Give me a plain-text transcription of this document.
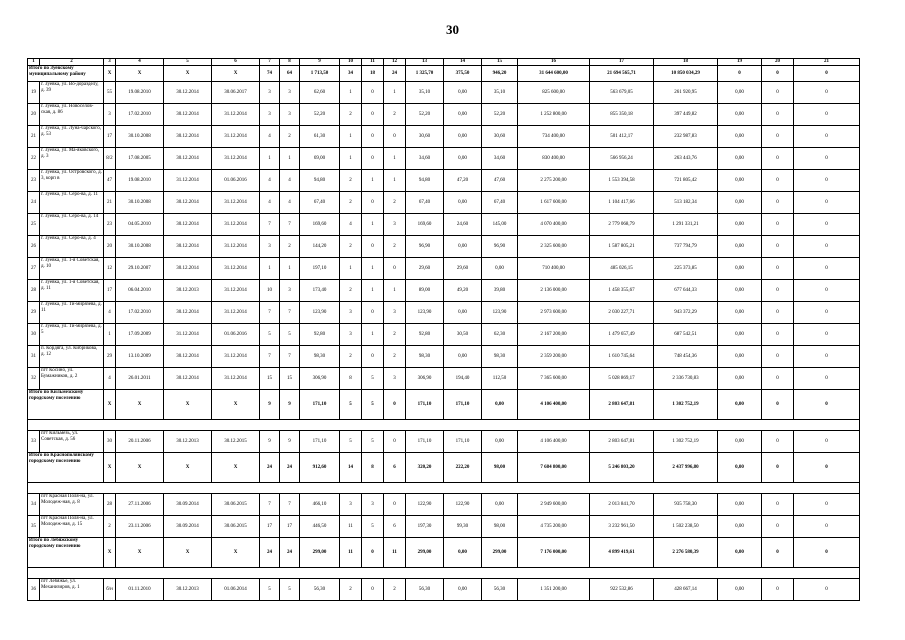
30
1	2	3	4	5	6	7	8	9	10	11	12	13	14	15	16	17	18	19	20	21
Итого по Зуевскому муниципальному району		X	X	X	X	74	64	1 713,50	34	18	24	1 325,70	375,50	946,20	31 644 600,00	21 694 565,71	10 850 034,29	0	0	0
19	г. Зуевка, ул. Во-доразделу, д. 39	55	19.08.2010	30.12.2014	30.06.2017	3	3	62,60	1	0	1	35,10	0,00	35,10	825 600,00	563 679,05	261 920,95	0,00	0	0
20	г. Зуевка, ул. Новоселов-ская, д. 86	3	17.02.2010	30.12.2014	31.12.2014	3	3	52,20	2	0	2	52,20	0,00	52,20	1 252 800,00	855 350,18	397 449,82	0,00	0	0
21	г. Зуевка, ул. Луна-чарского, д. 53	17	30.10.2008	30.12.2014	31.12.2014	4	2	61,30	1	0	0	30,60	0,00	30,60	734 400,00	501 412,17	232 987,83	0,00	0	0
22	г. Зуевка, ул. Ма-яковского, д. 3	8/2	17.08.2005	30.12.2014	31.12.2014	1	1	69,00	1	0	1	34,60	0,00	34,60	830 400,00	566 956,24	263 443,76	0,00	0	0
23	г. Зуевка, ул. Островского, д. 3, корп в	47	19.08.2010	31.12.2014	01.06.2016	4	4	94,80	2	1	1	94,80	47,20	47,60	2 275 200,00	1 553 394,58	721 805,42	0,00	0	0
24	г. Зуевка, ул. Серо-ва, д. 11	21	30.10.2008	30.12.2014	31.12.2014	4	4	67,40	2	0	2	67,40	0,00	67,40	1 617 600,00	1 104 417,66	513 182,34	0,00	0	0
25	г. Зуевка, ул. Серо-ва, д. 14	23	04.05.2010	30.12.2014	31.12.2014	7	7	169,60	4	1	3	169,60	24,60	145,00	4 070 400,00	2 779 068,79	1 291 331,21	0,00	0	0
26	г. Зуевка, ул. Серо-ва, д. 4	20	30.10.2008	30.12.2014	31.12.2014	3	2	144,20	2	0	2	96,90	0,00	96,90	2 325 600,00	1 587 805,21	737 794,79	0,00	0	0
27	г. Зуевка, ул. 1-я Советская, д. 10	12	29.10.2007	30.12.2014	31.12.2014	1	1	197,10	1	1	0	29,60	29,60	0,00	710 400,00	485 026,15	225 373,85	0,00	0	0
28	г. Зуевка, ул. 1-я Советская, д. 11	17	06.04.2010	30.12.2013	31.12.2014	10	3	173,40	2	1	1	89,00	49,20	39,80	2 136 000,00	1 458 355,67	677 644,33	0,00	0	0
29	г. Зуевка, ул. Ти-мирязева, д. 11	4	17.02.2010	30.12.2014	31.12.2014	7	7	123,90	3	0	3	123,90	0,00	123,90	2 973 600,00	2 030 227,71	943 372,29	0,00	0	0
30	г. Зуевка, ул. Ти-мирязева, д. 5	1	17.09.2009	31.12.2014	01.06.2016	5	5	92,80	3	1	2	92,80	30,50	62,30	2 167 200,00	1 479 657,49	687 542,51	0,00	0	0
31	п. Кордяга, ул. Кибрикова, д. 12	29	13.10.2009	30.12.2014	31.12.2014	7	7	98,30	2	0	2	98,30	0,00	98,30	2 359 200,00	1 610 745,64	748 454,36	0,00	0	0
32	пгт Косино, ул. Бумажников, д. 2	4	26.01.2011	30.12.2014	31.12.2014	15	15	306,90	8	5	3	306,90	194,40	112,50	7 365 600,00	5 028 869,17	2 336 730,83	0,00	0	0
Итого по Кильмезскому городскому поселению		X	X	X	X	9	9	171,10	5	5	0	171,10	171,10	0,00	4 106 400,00	2 803 647,81	1 302 752,19	0,00	0	0

33	пгт Кильмезь, ул. Советская, д. 56	30	20.11.2006	30.12.2013	30.12.2015	9	9	171,10	5	5	0	171,10	171,10	0,00	4 106 400,00	2 803 647,81	1 302 752,19	0,00	0	0
Итого по Краснополянскому городскому поселению		X	X	X	X	24	24	912,60	14	8	6	320,20	222,20	98,00	7 684 800,00	5 246 803,20	2 437 996,80	0,00	0	0

34	пгт Красная Поля-на, ул. Молодеж-ная, д. 8	28	27.11.2006	30.09.2014	30.06.2015	7	7	466,10	3	3	0	122,90	122,90	0,00	2 949 600,00	2 013 841,70	935 758,30	0,00	0	0
35	пгт Красная Поля-на, ул. Молодеж-ная, д. 15	2	23.11.2006	30.09.2014	30.06.2015	17	17	446,50	11	5	6	197,30	99,30	98,00	4 735 200,00	3 232 961,50	1 502 238,50	0,00	0	0
Итого по Лебяжскому городскому поселению		X	X	X	X	24	24	299,00	11	0	11	299,00	0,00	299,00	7 176 000,00	4 899 419,61	2 276 580,39	0,00	0	0

36	пгт Лебяжье, ул. Механизиров, д. 1	б/н	01.11.2010	30.12.2013	01.06.2014	5	5	56,30	2	0	2	56,30	0,00	56,30	1 351 200,00	922 532,86	428 667,14	0,00	0	0
